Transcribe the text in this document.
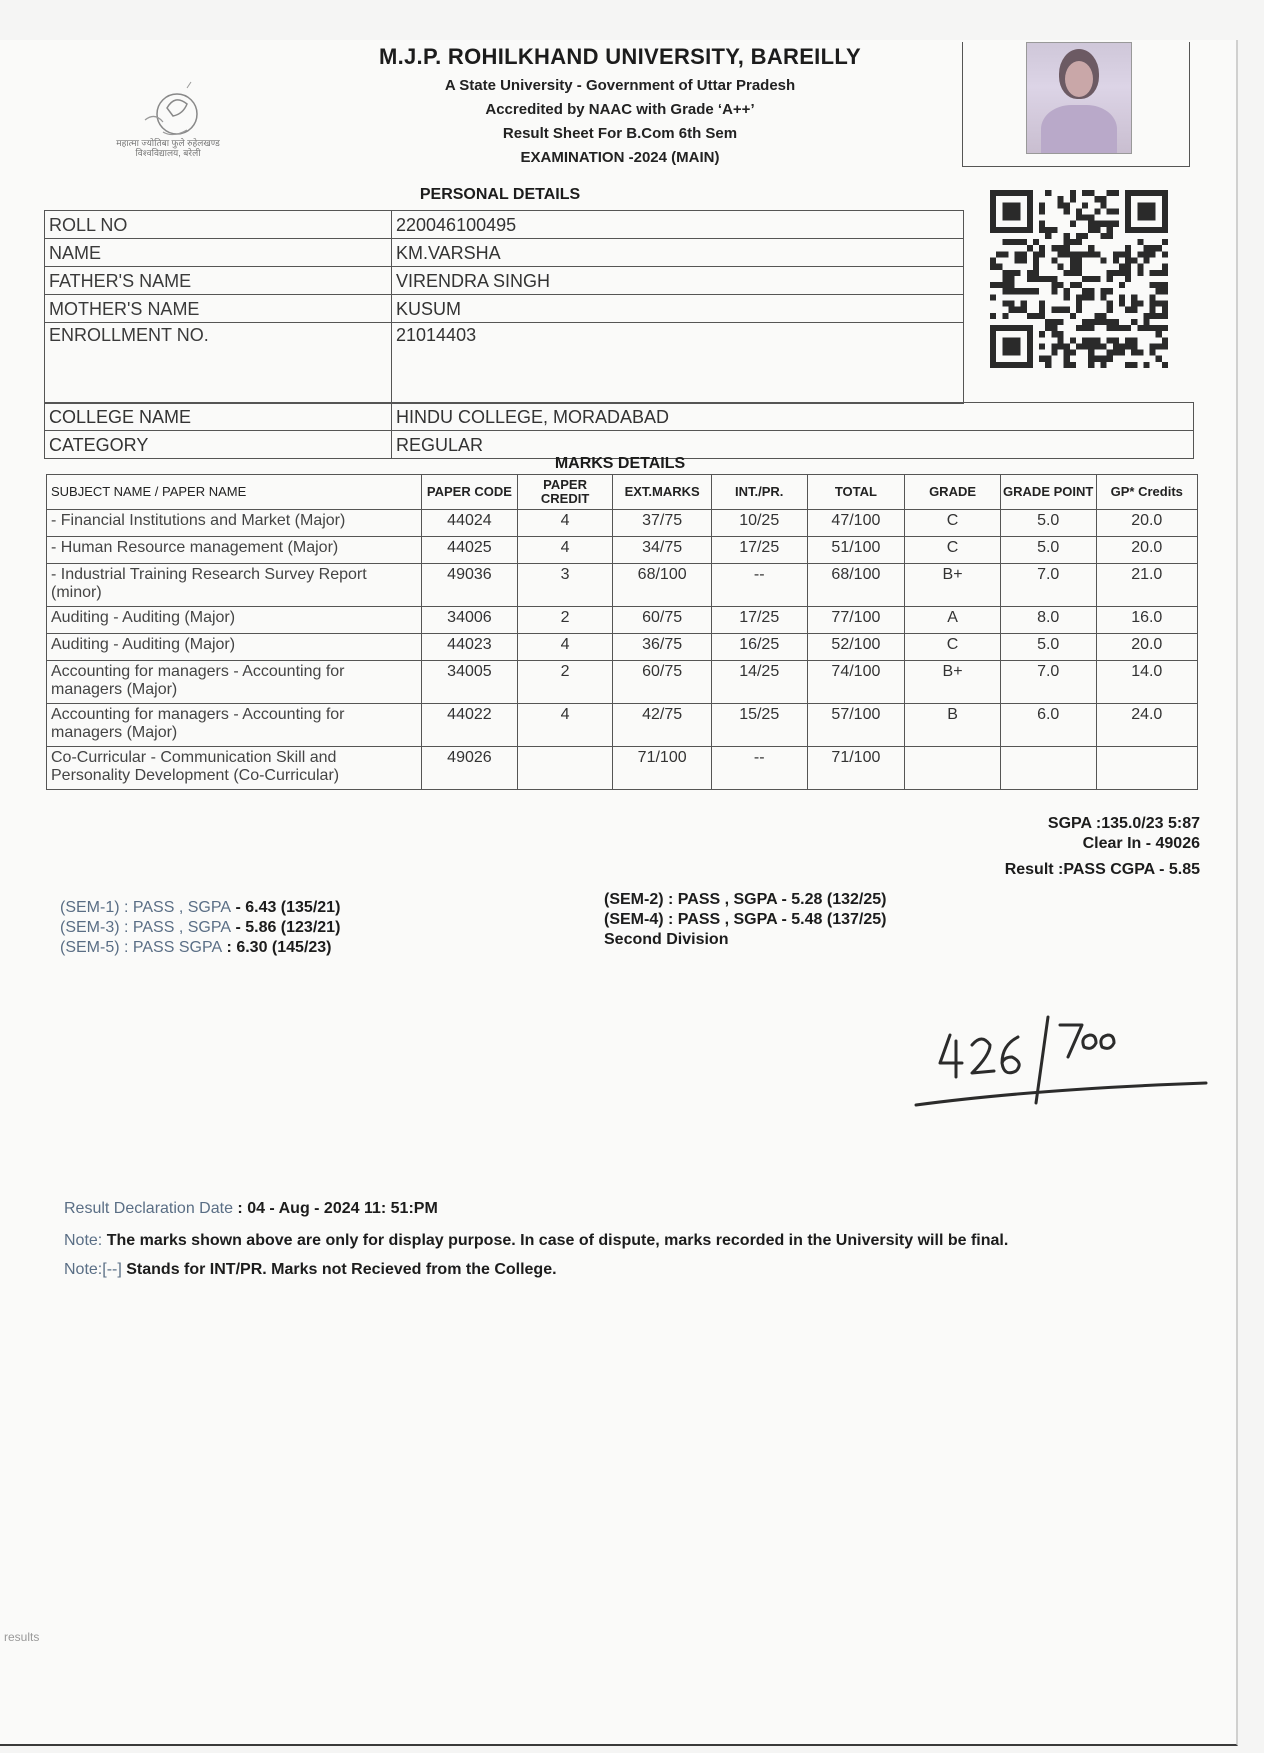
महात्मा ज्योतिबा फुले रुहेलखण्ड विश्वविद्यालय, बरेली
M.J.P. ROHILKHAND UNIVERSITY, BAREILLY
A State University - Government of Uttar Pradesh
Accredited by NAAC with Grade ‘A++’
Result Sheet For B.Com 6th Sem
EXAMINATION -2024 (MAIN)
PERSONAL DETAILS
ROLL NO	220046100495
NAME	KM.VARSHA
FATHER'S NAME	VIRENDRA SINGH
MOTHER'S NAME	KUSUM
ENROLLMENT NO.	21014403
COLLEGE NAME	HINDU COLLEGE, MORADABAD
CATEGORY	REGULAR
MARKS DETAILS
SUBJECT NAME / PAPER NAME	PAPER CODE	PAPER CREDIT	EXT.MARKS	INT./PR.	TOTAL	GRADE	GRADE POINT	GP* Credits
- Financial Institutions and Market (Major)	44024	4	37/75	10/25	47/100	C	5.0	20.0
- Human Resource management (Major)	44025	4	34/75	17/25	51/100	C	5.0	20.0
- Industrial Training Research Survey Report (minor)	49036	3	68/100	--	68/100	B+	7.0	21.0
Auditing - Auditing (Major)	34006	2	60/75	17/25	77/100	A	8.0	16.0
Auditing - Auditing (Major)	44023	4	36/75	16/25	52/100	C	5.0	20.0
Accounting for managers - Accounting for managers (Major)	34005	2	60/75	14/25	74/100	B+	7.0	14.0
Accounting for managers - Accounting for managers (Major)	44022	4	42/75	15/25	57/100	B	6.0	24.0
Co-Curricular - Communication Skill and Personality Development (Co-Curricular)	49026		71/100	--	71/100			
SGPA :135.0/23 5:87
Clear In - 49026
Result :PASS CGPA - 5.85
(SEM-1) : PASS , SGPA - 6.43 (135/21)
(SEM-3) : PASS , SGPA - 5.86 (123/21)
(SEM-5) : PASS SGPA : 6.30 (145/23)
(SEM-2) : PASS , SGPA - 5.28 (132/25)
(SEM-4) : PASS , SGPA - 5.48 (137/25)
Second Division
Result Declaration Date : 04 - Aug - 2024 11: 51:PM
Note: The marks shown above are only for display purpose. In case of dispute, marks recorded in the University will be final.
Note:[--] Stands for INT/PR. Marks not Recieved from the College.
results
